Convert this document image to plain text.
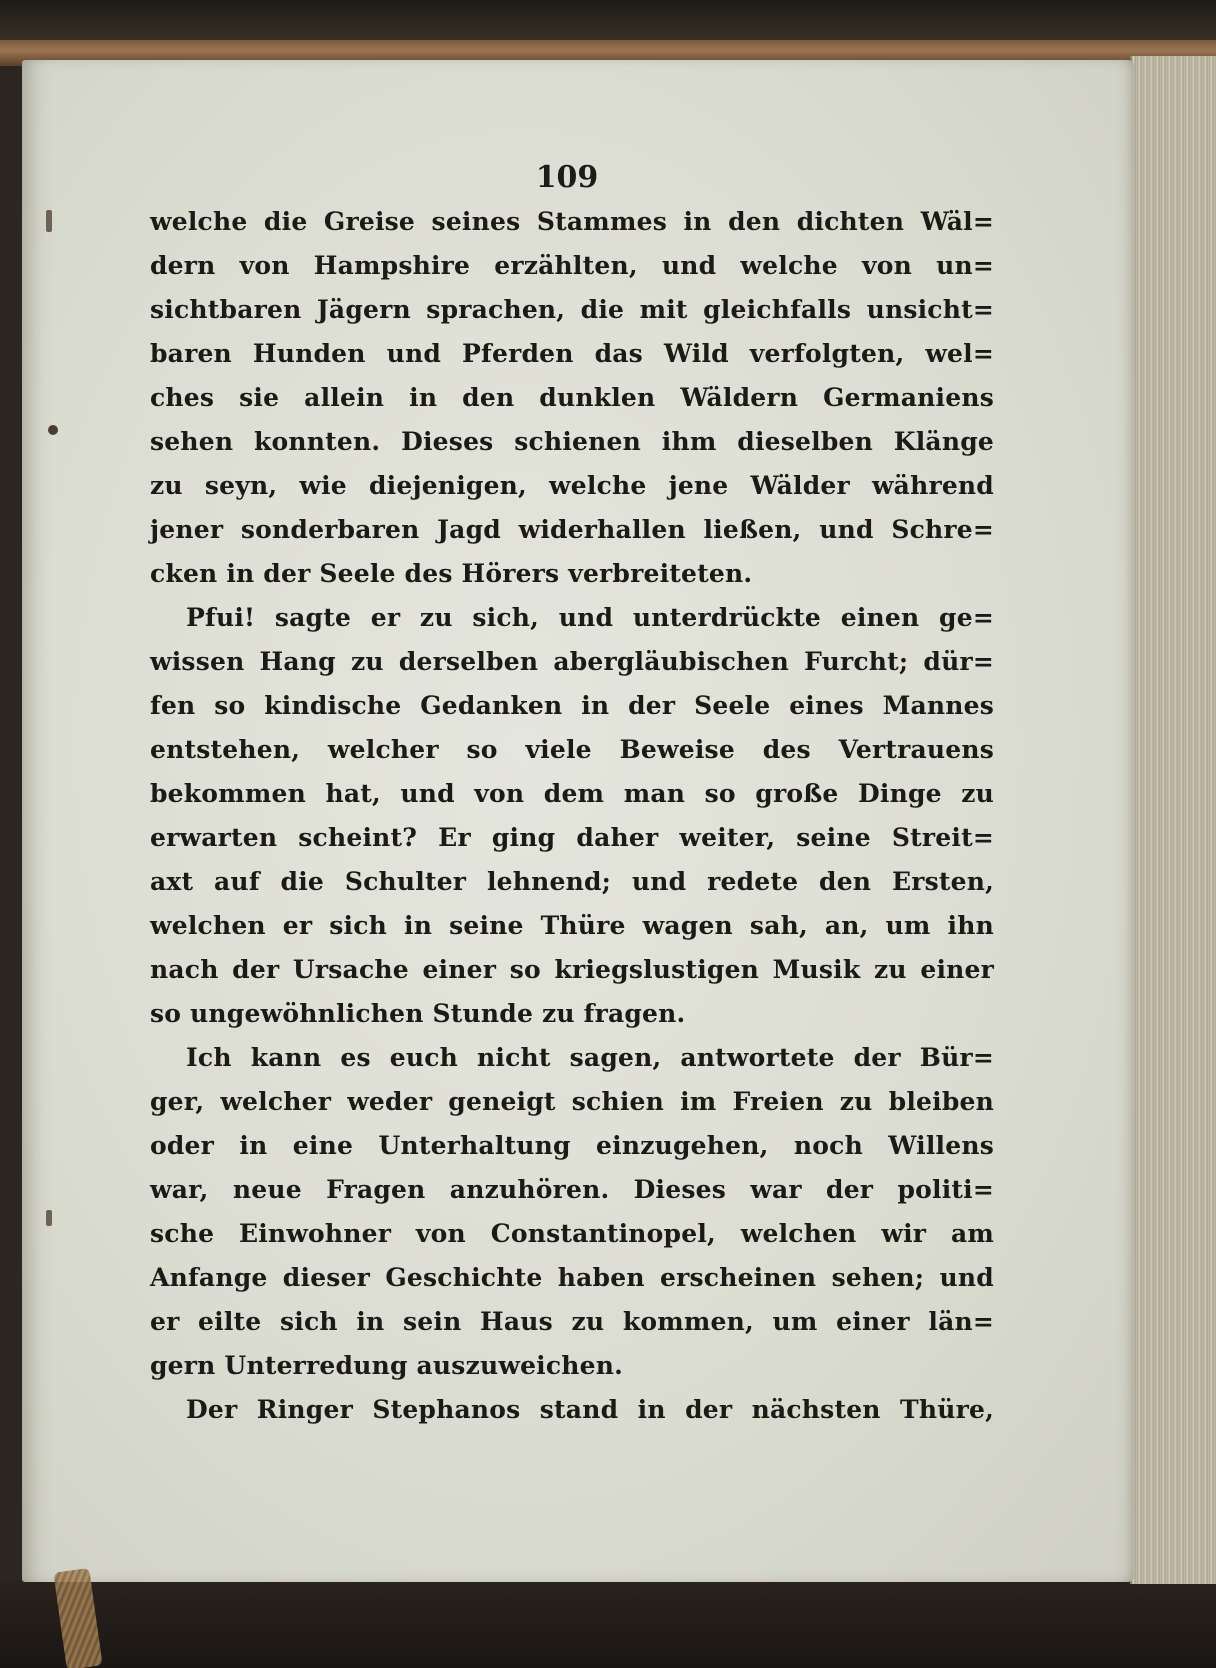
109
welche die Greise seines Stammes in den dichten Wäl=
dern von Hampshire erzählten, und welche von un=
sichtbaren Jägern sprachen, die mit gleichfalls unsicht=
baren Hunden und Pferden das Wild verfolgten, wel=
ches sie allein in den dunklen Wäldern Germaniens
sehen konnten. Dieses schienen ihm dieselben Klänge
zu seyn, wie diejenigen, welche jene Wälder während
jener sonderbaren Jagd widerhallen ließen, und Schre=
cken in der Seele des Hörers verbreiteten.
Pfui! sagte er zu sich, und unterdrückte einen ge=
wissen Hang zu derselben abergläubischen Furcht; dür=
fen so kindische Gedanken in der Seele eines Mannes
entstehen, welcher so viele Beweise des Vertrauens
bekommen hat, und von dem man so große Dinge zu
erwarten scheint? Er ging daher weiter, seine Streit=
axt auf die Schulter lehnend; und redete den Ersten,
welchen er sich in seine Thüre wagen sah, an, um ihn
nach der Ursache einer so kriegslustigen Musik zu einer
so ungewöhnlichen Stunde zu fragen.
Ich kann es euch nicht sagen, antwortete der Bür=
ger, welcher weder geneigt schien im Freien zu bleiben
oder in eine Unterhaltung einzugehen, noch Willens
war, neue Fragen anzuhören. Dieses war der politi=
sche Einwohner von Constantinopel, welchen wir am
Anfange dieser Geschichte haben erscheinen sehen; und
er eilte sich in sein Haus zu kommen, um einer län=
gern Unterredung auszuweichen.
Der Ringer Stephanos stand in der nächsten Thüre,
